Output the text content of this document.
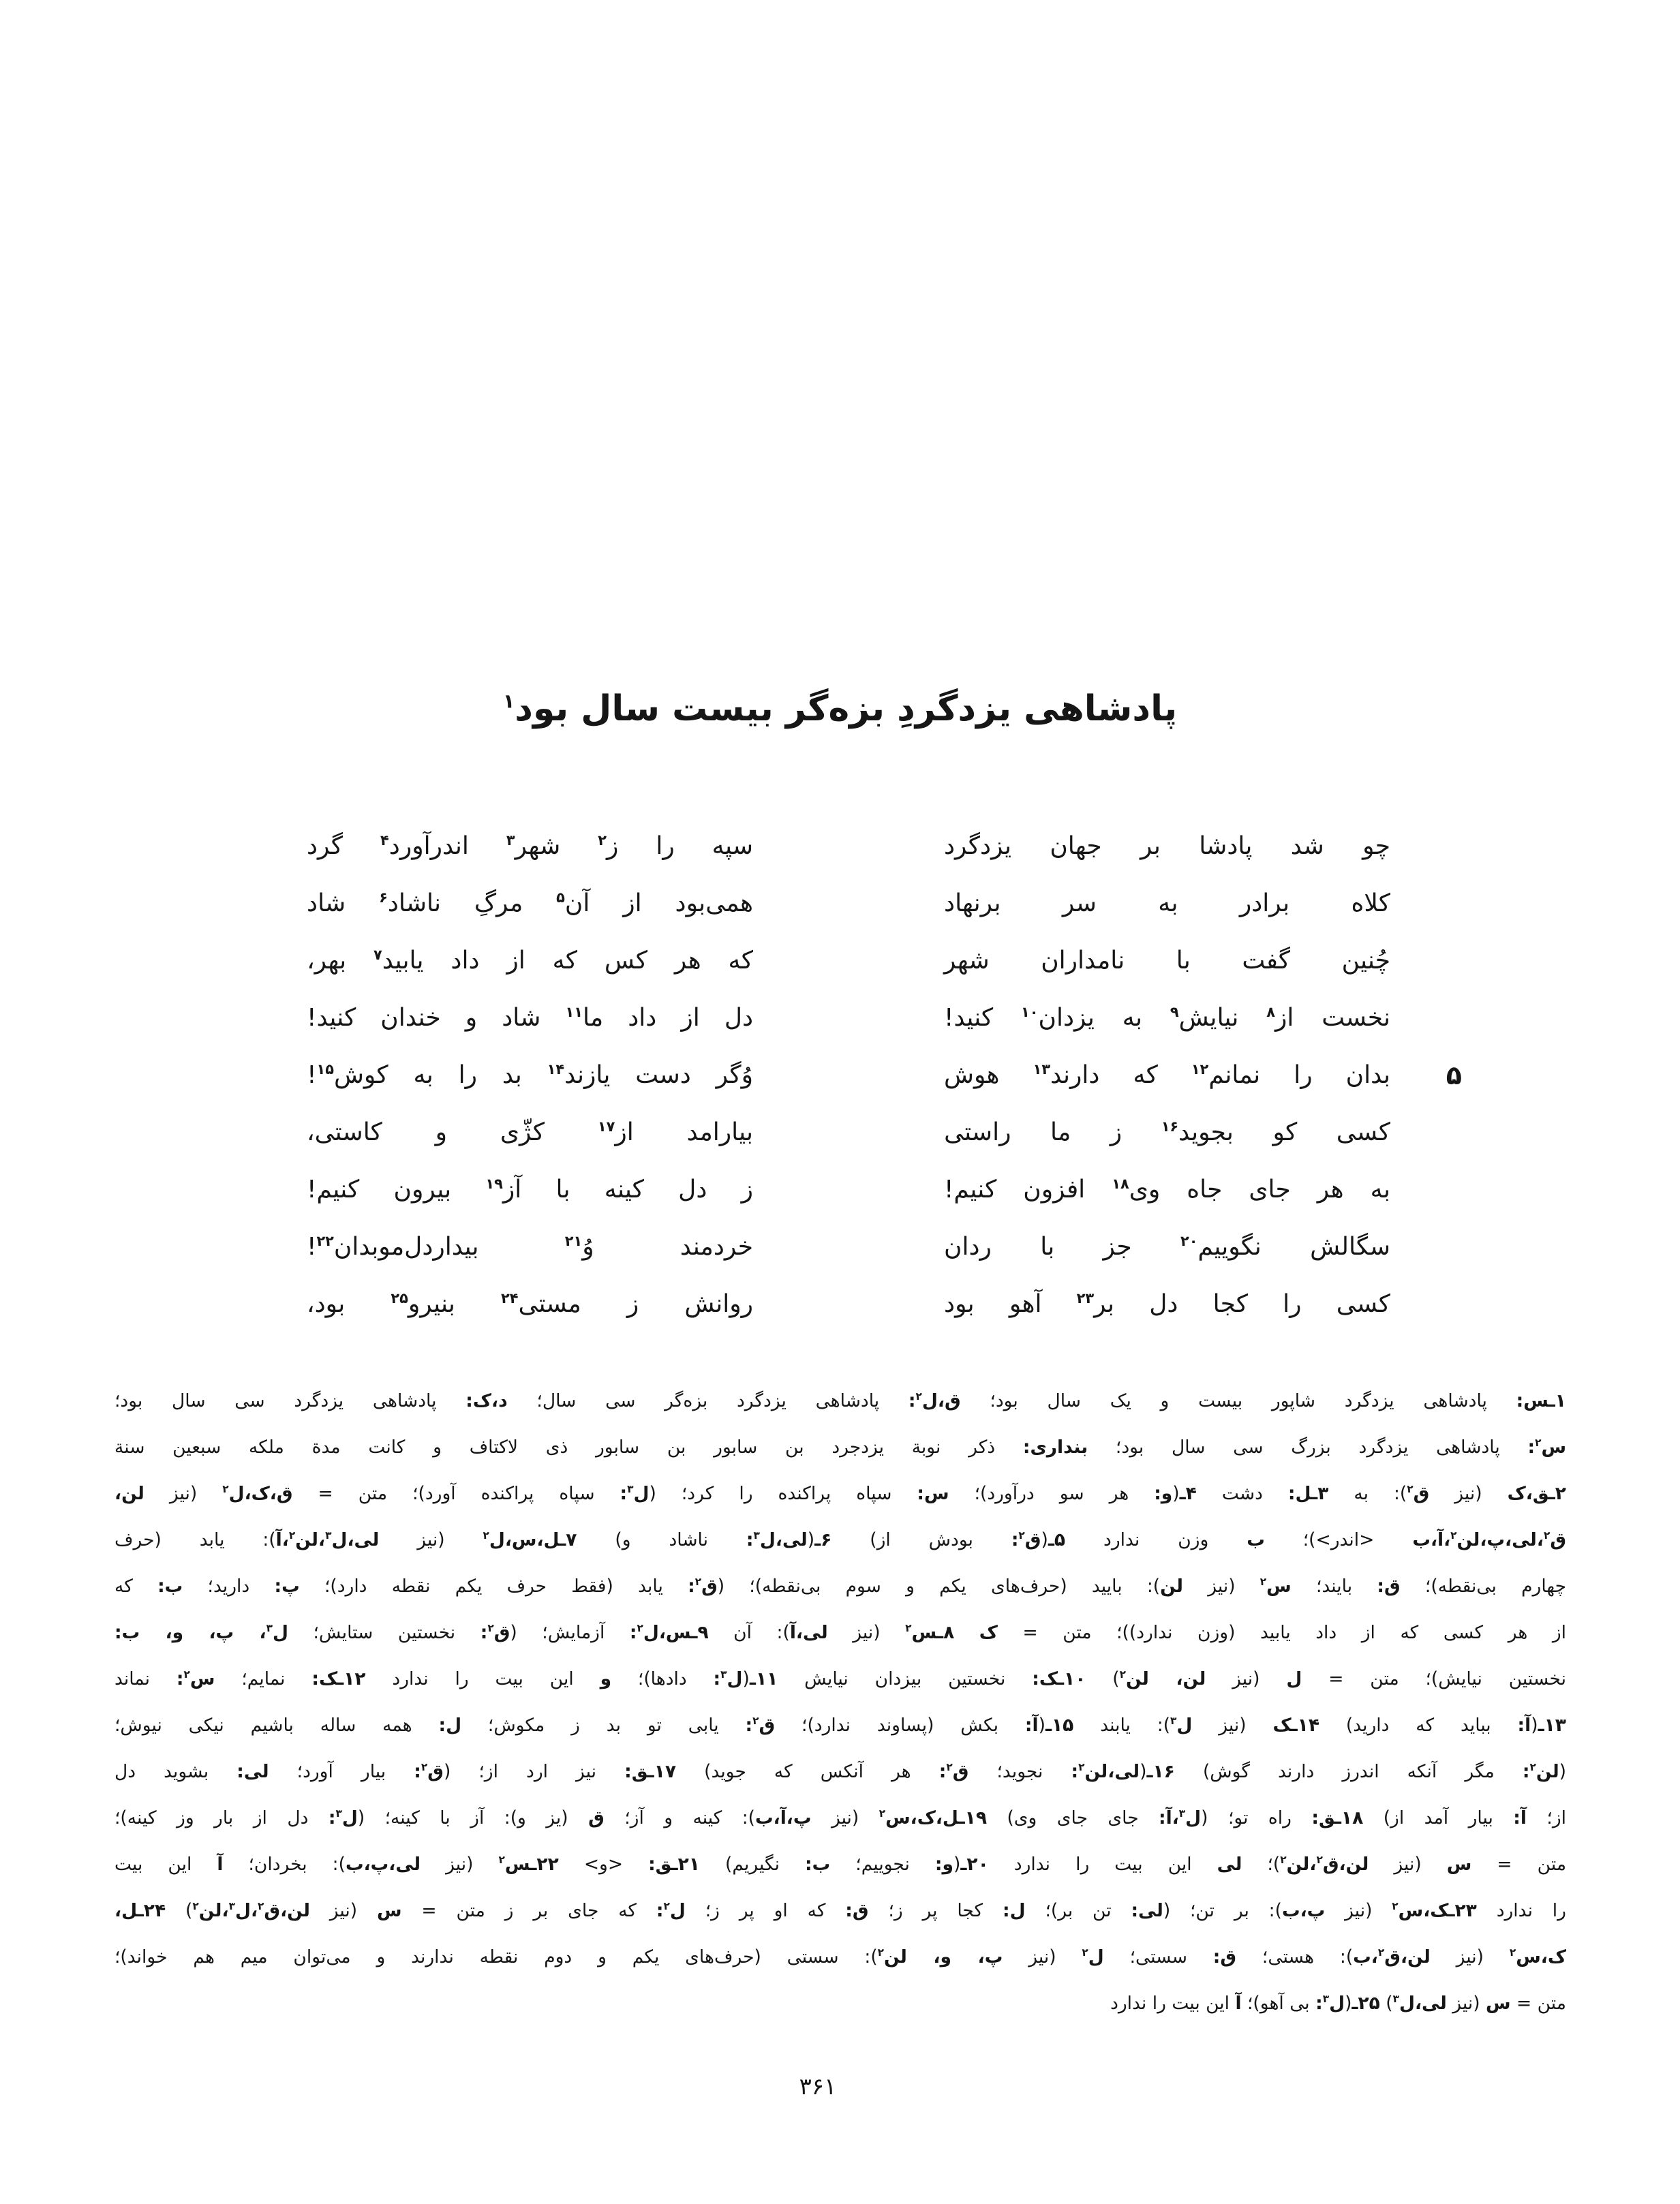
پادشاهی یزدگردِ بزه‌گر بیست سال بود$^۱$
چو
شد
پادشا
بر
جهان
یزدگرد
سپه
را
ز$^۲$
شهر$^۳$
اندرآورد$^۴$
گرد
کلاه
برادر
به
سر
برنهاد
همی‌بود
از
آن$^۵$
مرگِ
ناشاد$^۶$
شاد
چُنین
گفت
با
نامداران
شهر
که
هر
کس
که
از
داد
یابید$^۷$
بهر،
نخست
از$^۸$
نیایش$^۹$
به
یزدان$^{۱۰}$
کنید!
دل
از
داد
ما$^{۱۱}$
شاد
و
خندان
کنید!
بدان
را
نمانم$^{۱۲}$
که
دارند$^{۱۳}$
هوش
وُگر
دست
یازند$^{۱۴}$
بد
را
به
کوش$^{۱۵}$!	۵
کسی
کو
بجوید$^{۱۶}$
ز
ما
راستی
بیارامد
از$^{۱۷}$
کژّی
و
کاستی،
به
هر
جای
جاه
وی$^{۱۸}$
افزون
کنیم!
ز
دل
کینه
با
آز$^{۱۹}$
بیرون
کنیم!
سگالش
نگوییم$^{۲۰}$
جز
با
ردان
خردمند
وُ$^{۲۱}$
بیداردل‌موبدان$^{۲۲}$!
کسی
را
کجا
دل
بر$^{۲۳}$
آهو
بود
روانش
ز
مستی$^{۲۴}$
بنیرو$^{۲۵}$
بود،
۱ـس: پادشاهی یزدگرد شاپور بیست و یک سال بود؛ ق،ل$^۲$: پادشاهی یزدگرد بزه‌گر سی سال؛ د،ک: پادشاهی یزدگرد سی سال بود؛
س$^۲$: پادشاهی یزدگرد بزرگ سی سال بود؛ بنداری: ذکر نوبة یزدجرد بن سابور بن سابور ذی لاکتاف و کانت مدة ملکه سبعین سنة
۲ـق،ک (نیز ق$^۲$): به ۳ـل: دشت ۴ـ(و: هر سو درآورد)؛ س: سپاه پراکنده را کرد؛ (ل$^۳$: سپاه پراکنده آورد)؛ متن = ق،ک،ل$^۲$ (نیز لن،
ق$^۲$،لی،پ،لن$^۲$،آ،ب <اندر>)؛ ب وزن ندارد ۵ـ(ق$^۲$: بودش از) ۶ـ(لی،ل$^۳$: ناشاد و) ۷ـل،س،ل$^۲$ (نیز لی،ل$^۳$،لن$^۲$،آ): یابد (حرف
چهارم بی‌نقطه)؛ ق: بایند؛ س$^۲$ (نیز لن): بایید (حرف‌های یکم و سوم بی‌نقطه)؛ (ق$^۲$: یابد (فقط حرف یکم نقطه دارد)؛ پ: دارید؛ ب: که
از هر کسی که از داد یابید (وزن ندارد))؛ متن = ک ۸ـس$^۲$ (نیز لی،آ): آن ۹ـس،ل$^۲$: آزمایش؛ (ق$^۲$: نخستین ستایش؛ ل$^۳$، پ، و، ب:
نخستین نیایش)؛ متن = ل (نیز لن، لن$^۲$) ۱۰ـک: نخستین بیزدان نیایش ۱۱ـ(ل$^۳$: دادها)؛ و این بیت را ندارد ۱۲ـک: نمایم؛ س$^۲$: نماند
۱۳ـ(آ: بباید که دارید) ۱۴ـک (نیز ل$^۳$): یابند ۱۵ـ(آ: بکش (پساوند ندارد)؛ ق$^۲$: یابی تو بد ز مکوش؛ ل: همه ساله باشیم نیکی نیوش؛
(لن$^۲$: مگر آنکه اندرز دارند گوش) ۱۶ـ(لی،لن$^۲$: نجوید؛ ق$^۲$: هر آنکس که جوید) ۱۷ـق: نیز ارد از؛ (ق$^۲$: بیار آورد؛ لی: بشوید دل
از؛ آ: بیار آمد از) ۱۸ـق: راه تو؛ (ل$^۳$،آ: جای جای وی) ۱۹ـل،ک،س$^۲$ (نیز پ،آ،ب): کینه و آز؛ ق (یز و): آز با کینه؛ (ل$^۳$: دل از بار وز کینه)؛
متن = س (نیز لن،ق$^۲$،لن$^۲$)؛ لی این بیت را ندارد ۲۰ـ(و: نجوییم؛ ب: نگیریم) ۲۱ـق: <و> ۲۲ـس$^۲$ (نیز لی،پ،ب): بخردان؛ آ این بیت
را ندارد ۲۳ـک،س$^۲$ (نیز پ،ب): بر تن؛ (لی: تن بر)؛ ل: کجا پر ز؛ ق: که او پر ز؛ ل$^۲$: که جای بر ز متن = س (نیز لن،ق$^۲$،ل$^۳$،لن$^۲$) ۲۴ـل،
ک،س$^۲$ (نیز لن،ق$^۲$،ب): هستی؛ ق: سستی؛ ل$^۲$ (نیز پ، و، لن$^۲$): سستی (حرف‌های یکم و دوم نقطه ندارند و می‌توان میم هم خواند)؛
متن = س (نیز لی،ل$^۳$) ۲۵ـ(ل$^۳$: بی آهو)؛ آ این بیت را ندارد
۳۶۱
